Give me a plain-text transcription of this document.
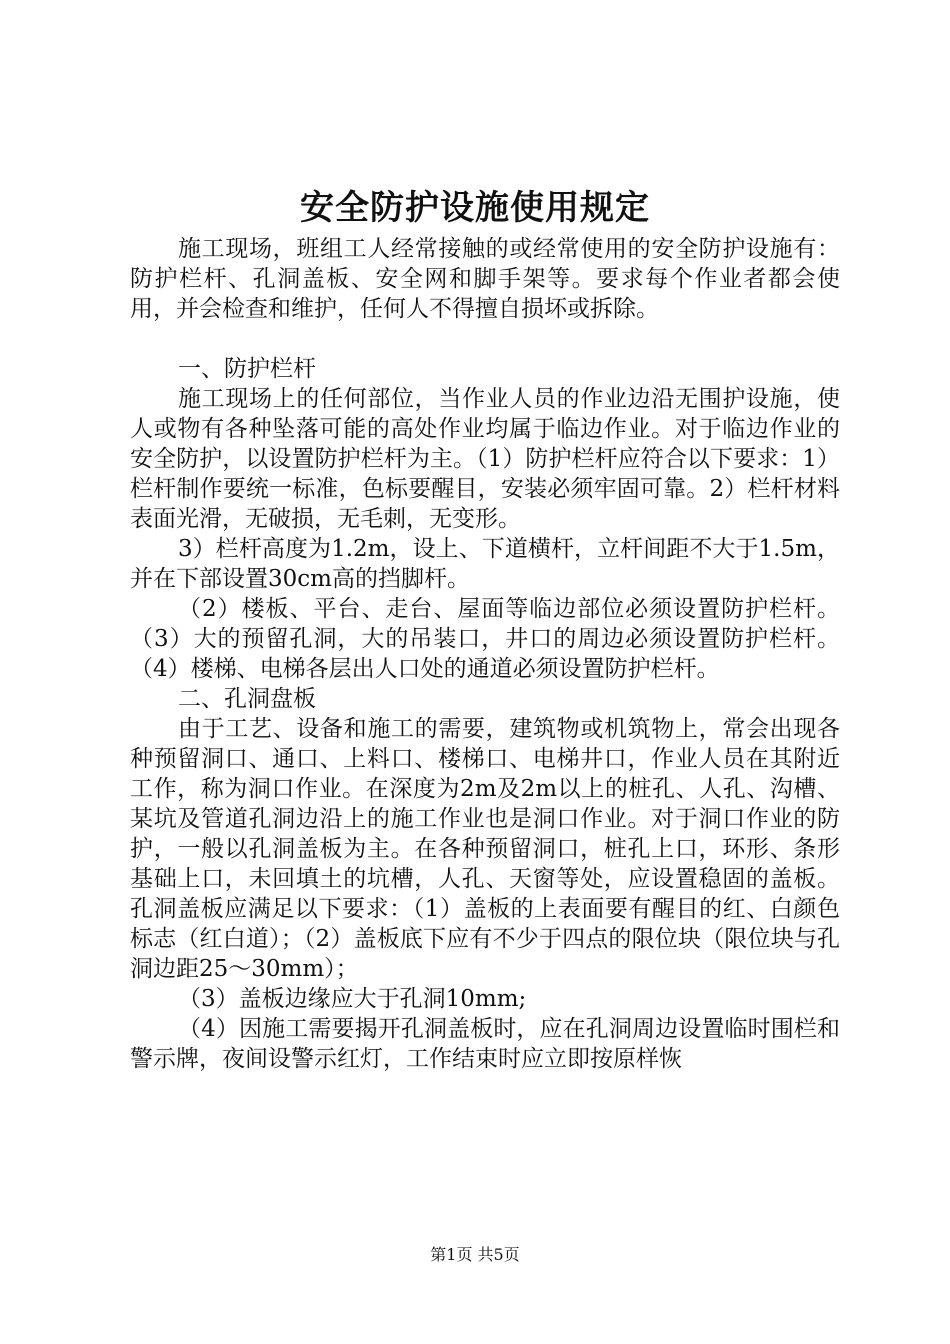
安全防护设施使用规定

施工现场，班组工人经常接触的或经常使用的安全防护设施有：防护栏杆、孔洞盖板、安全网和脚手架等。要求每个作业者都会使用，并会检查和维护，任何人不得擅自损坏或拆除。

一、防护栏杆

施工现场上的任何部位，当作业人员的作业边沿无围护设施，使人或物有各种坠落可能的高处作业均属于临边作业。对于临边作业的安全防护，以设置防护栏杆为主。（1）防护栏杆应符合以下要求：1）栏杆制作要统一标准，色标要醒目，安装必须牢固可靠。2）栏杆材料表面光滑，无破损，无毛刺，无变形。

3）栏杆高度为1.2m，设上、下道横杆，立杆间距不大于1.5m，并在下部设置30cm高的挡脚杆。

（2）楼板、平台、走台、屋面等临边部位必须设置防护栏杆。（3）大的预留孔洞，大的吊装口，井口的周边必须设置防护栏杆。（4）楼梯、电梯各层出人口处的通道必须设置防护栏杆。

二、孔洞盘板

由于工艺、设备和施工的需要，建筑物或机筑物上，常会出现各种预留洞口、通口、上料口、楼梯口、电梯井口，作业人员在其附近工作，称为洞口作业。在深度为2m及2m以上的桩孔、人孔、沟槽、某坑及管道孔洞边沿上的施工作业也是洞口作业。对于洞口作业的防护，一般以孔洞盖板为主。在各种预留洞口，桩孔上口，环形、条形基础上口，未回填土的坑槽，人孔、天窗等处，应设置稳固的盖板。孔洞盖板应满足以下要求：（1）盖板的上表面要有醒目的红、白颜色标志（红白道）；（2）盖板底下应有不少于四点的限位块（限位块与孔洞边距25～30mm）；

（3）盖板边缘应大于孔洞10mm;

（4）因施工需要揭开孔洞盖板时，应在孔洞周边设置临时围栏和警示牌，夜间设警示红灯，工作结束时应立即按原样恢

第1页 共5页
